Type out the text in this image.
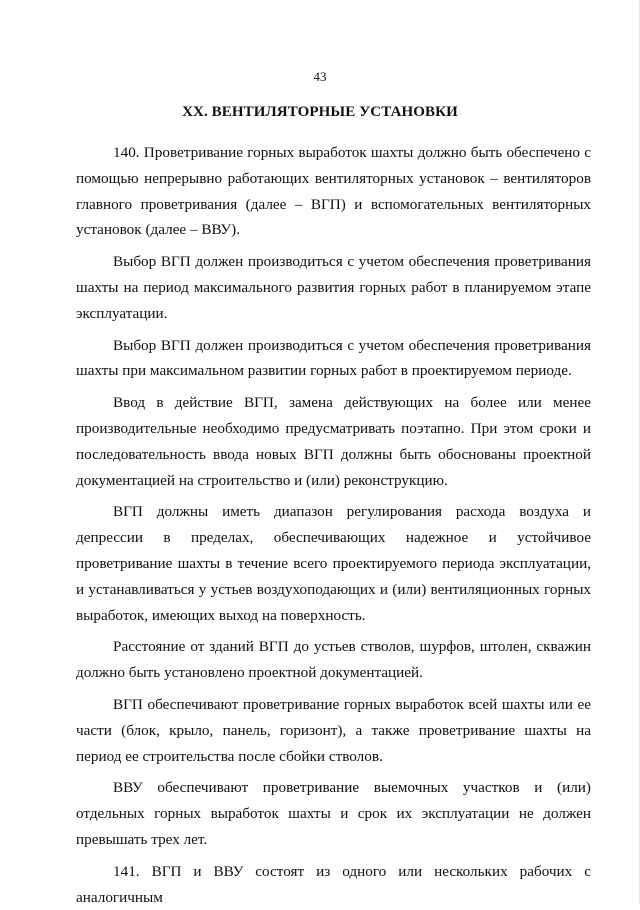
43
XX. ВЕНТИЛЯТОРНЫЕ УСТАНОВКИ

140. Проветривание горных выработок шахты должно быть обеспечено с помощью непрерывно работающих вентиляторных установок – вентиляторов главного проветривания (далее – ВГП) и вспомогательных вентиляторных установок (далее – ВВУ).

Выбор ВГП должен производиться с учетом обеспечения проветривания шахты на период максимального развития горных работ в планируемом этапе эксплуатации.

Выбор ВГП должен производиться с учетом обеспечения проветривания шахты при максимальном развитии горных работ в проектируемом периоде.

Ввод в действие ВГП, замена действующих на более или менее производительные необходимо предусматривать поэтапно. При этом сроки и последовательность ввода новых ВГП должны быть обоснованы проектной документацией на строительство и (или) реконструкцию.

ВГП должны иметь диапазон регулирования расхода воздуха и депрессии в пределах, обеспечивающих надежное и устойчивое проветривание шахты в течение всего проектируемого периода эксплуатации, и устанавливаться у устьев воздухоподающих и (или) вентиляционных горных выработок, имеющих выход на поверхность.

Расстояние от зданий ВГП до устьев стволов, шурфов, штолен, скважин должно быть установлено проектной документацией.

ВГП обеспечивают проветривание горных выработок всей шахты или ее части (блок, крыло, панель, горизонт), а также проветривание шахты на период ее строительства после сбойки стволов.

ВВУ обеспечивают проветривание выемочных участков и (или) отдельных горных выработок шахты и срок их эксплуатации не должен превышать трех лет.

141. ВГП и ВВУ состоят из одного или нескольких рабочих с аналогичным
